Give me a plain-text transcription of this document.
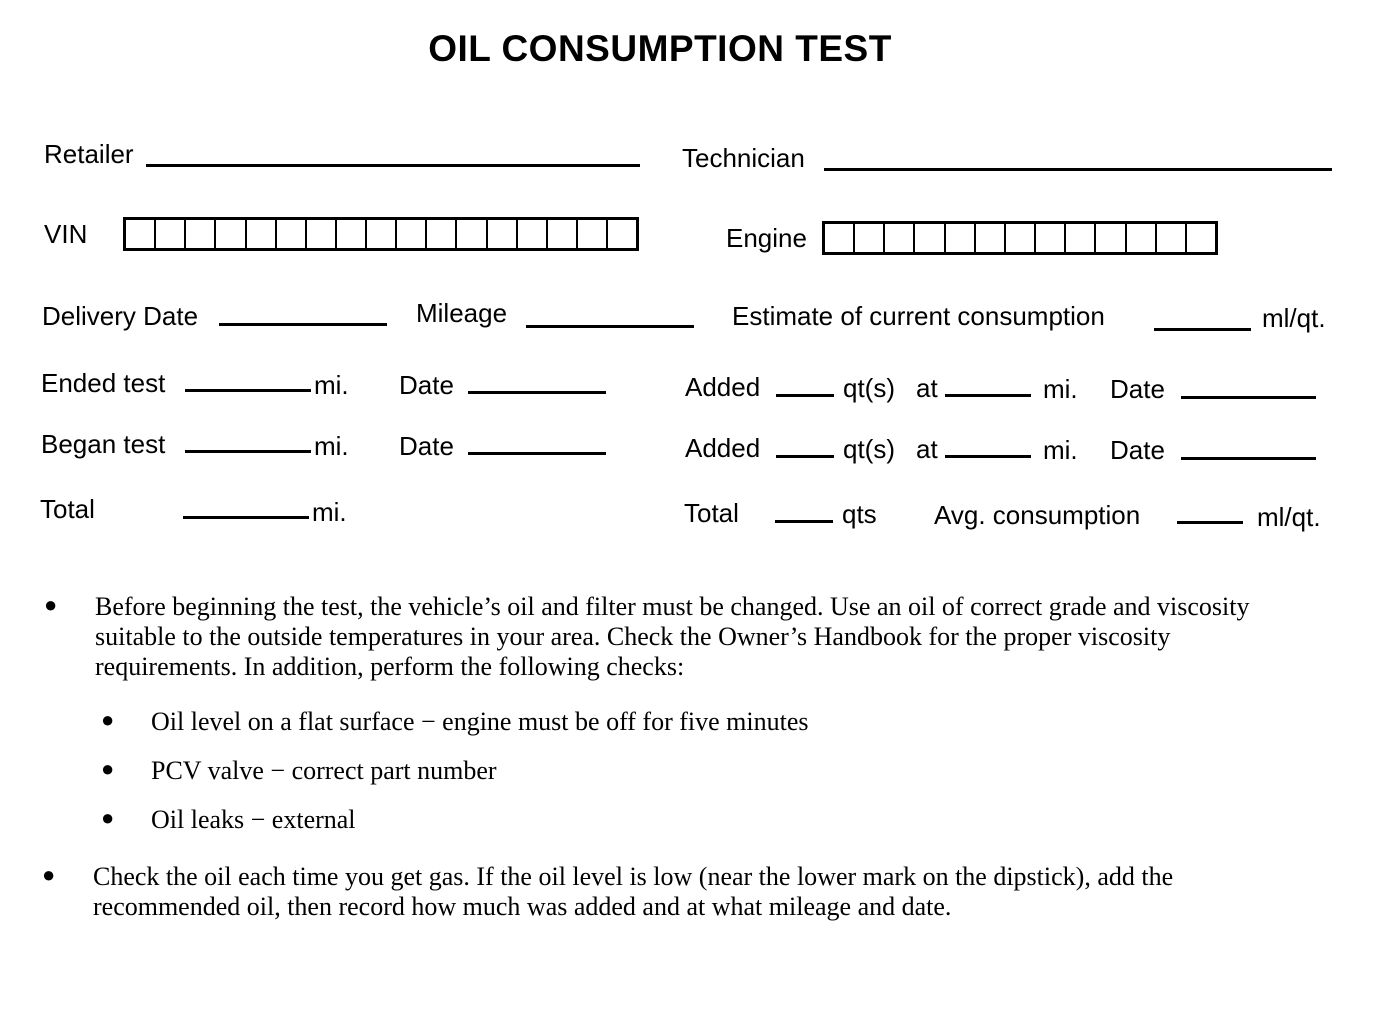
OIL CONSUMPTION TEST
Retailer	Technician
VIN	Engine
Delivery Date	Mileage	Estimate of current consumption	ml/qt.
Ended test	mi. Date	Added	qt(s) at	mi. Date
Began test	mi. Date	Added	qt(s) at	mi. Date
Total	mi.	Total	qts Avg. consumption	ml/qt.
● Before beginning the test, the vehicle’s oil and filter must be changed. Use an oil of correct grade and viscosity suitable to the outside temperatures in your area. Check the Owner’s Handbook for the proper viscosity requirements. In addition, perform the following checks:
● Oil level on a flat surface − engine must be off for five minutes
● PCV valve − correct part number
● Oil leaks − external
● Check the oil each time you get gas. If the oil level is low (near the lower mark on the dipstick), add the recommended oil, then record how much was added and at what mileage and date.
